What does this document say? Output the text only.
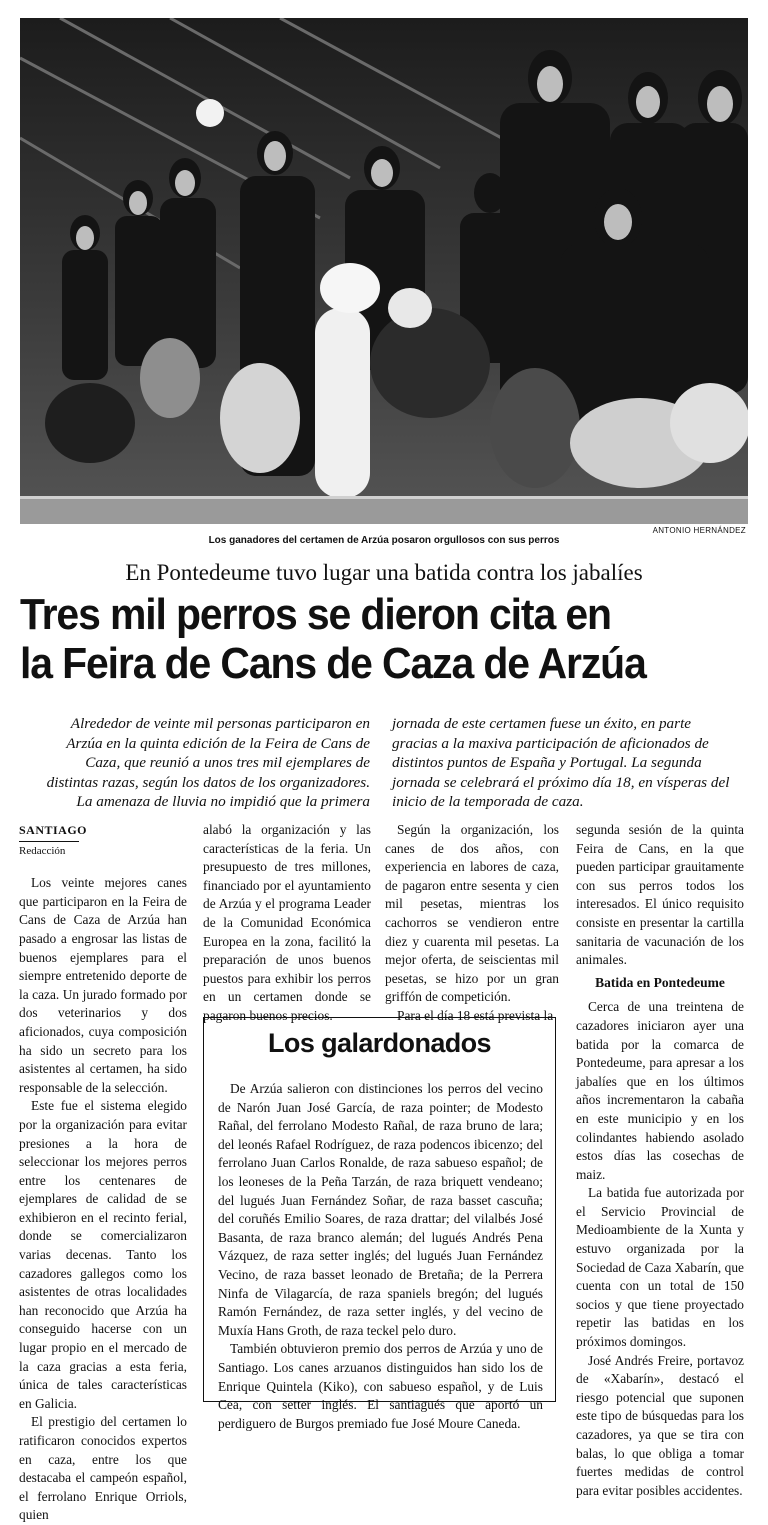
ANTONIO HERNÁNDEZ
Los ganadores del certamen de Arzúa posaron orgullosos con sus perros
En Pontedeume tuvo lugar una batida contra los jabalíes
Tres mil perros se dieron cita en
la Feira de Cans de Caza de Arzúa
Alrededor de veinte mil personas participaron en Arzúa en la quinta edición de la Feira de Cans de Caza, que reunió a unos tres mil ejemplares de distintas razas, según los datos de los organizadores. La amenaza de lluvia no impidió que la primera
jornada de este certamen fuese un éxito, en parte gracias a la maxiva participación de aficionados de distintos puntos de España y Portugal. La segunda jornada se celebrará el próximo día 18, en vísperas del inicio de la temporada de caza.
SANTIAGO
Redacción

Los veinte mejores canes que participaron en la Feira de Cans de Caza de Arzúa han pasado a engrosar las listas de buenos ejemplares para el siempre entretenido deporte de la caza. Un jurado formado por dos veterinarios y dos aficionados, cuya composición ha sido un secreto para los asistentes al certamen, ha sido responsable de la selección.

Este fue el sistema elegido por la organización para evitar presiones a la hora de seleccionar los mejores perros entre los centenares de ejemplares de calidad de se exhibieron en el recinto ferial, donde se comercializaron varias decenas. Tanto los cazadores gallegos como los asistentes de otras localidades han reconocido que Arzúa ha conseguido hacerse con un lugar propio en el mercado de la caza gracias a esta feria, única de tales características en Galicia.

El prestigio del certamen lo ratificaron conocidos expertos en caza, entre los que destacaba el campeón español, el ferrolano Enrique Orriols, quien

alabó la organización y las características de la feria. Un presupuesto de tres millones, financiado por el ayuntamiento de Arzúa y el programa Leader de la Comunidad Económica Europea en la zona, facilitó la preparación de unos buenos puestos para exhibir los perros en un certamen donde se pagaron buenos precios.

Según la organización, los canes de dos años, con experiencia en labores de caza, de pagaron entre sesenta y cien mil pesetas, mientras los cachorros se vendieron entre diez y cuarenta mil pesetas. La mejor oferta, de seiscientas mil pesetas, se hizo por un gran griffón de competición.

Para el día 18 está prevista la

segunda sesión de la quinta Feira de Cans, en la que pueden participar grauitamente con sus perros todos los interesados. El único requisito consiste en presentar la cartilla sanitaria de vacunación de los animales.

Batida en Pontedeume

Cerca de una treintena de cazadores iniciaron ayer una batida por la comarca de Pontedeume, para apresar a los jabalíes que en los últimos años incrementaron la cabaña en este municipio y en los colindantes habiendo asolado estos días las cosechas de maiz.

La batida fue autorizada por el Servicio Provincial de Medioambiente de la Xunta y estuvo organizada por la Sociedad de Caza Xabarín, que cuenta con un total de 150 socios y que tiene proyectado repetir las batidas en los próximos domingos.

José Andrés Freire, portavoz de «Xabarín», destacó el riesgo potencial que suponen este tipo de búsquedas para los cazadores, ya que se tira con balas, lo que obliga a tomar fuertes medidas de control para evitar posibles accidentes.

Los galardonados

De Arzúa salieron con distinciones los perros del vecino de Narón Juan José García, de raza pointer; de Modesto Rañal, del ferrolano Modesto Rañal, de raza bruno de lara; del leonés Rafael Rodríguez, de raza podencos ibicenzo; del ferrolano Juan Carlos Ronalde, de raza sabueso español; de los leoneses de la Peña Tarzán, de raza briquett vendeano; del lugués Juan Fernández Soñar, de raza basset cascuña; del coruñés Emilio Soares, de raza drattar; del vilalbés José Basanta, de raza branco alemán; del lugués Andrés Pena Vázquez, de raza setter inglés; del lugués Juan Fernández Vecino, de raza basset leonado de Bretaña; de la Perrera Ninfa de Vilagarcía, de raza spaniels bregón; del lugués Ramón Fernández, de raza setter inglés, y del vecino de Muxía Hans Groth, de raza teckel pelo duro.

También obtuvieron premio dos perros de Arzúa y uno de Santiago. Los canes arzuanos distinguidos han sido los de Enrique Quintela (Kiko), con sabueso español, y de Luis Cea, con setter inglés. El santiagués que aportó un perdiguero de Burgos premiado fue José Moure Caneda.
